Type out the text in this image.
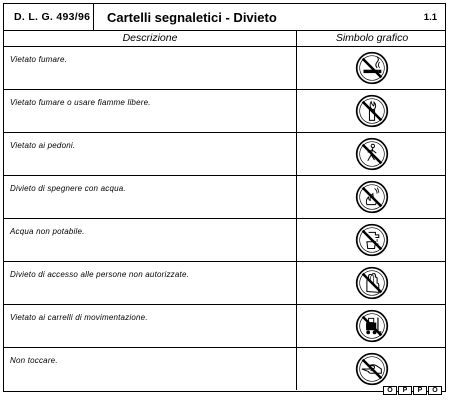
D. L. G. 493/96 Cartelli segnaletici - Divieto	1.1
Descrizione	Simbolo grafico
Vietato fumare.
Vietato fumare o usare fiamme libere.
Vietato ai pedoni.
Divieto di spegnere con acqua.
Acqua non potabile.
Divieto di accesso alle persone non autorizzate.
Vietato ai carrelli di movimentazione.
Non toccare.
O	P	P	O
